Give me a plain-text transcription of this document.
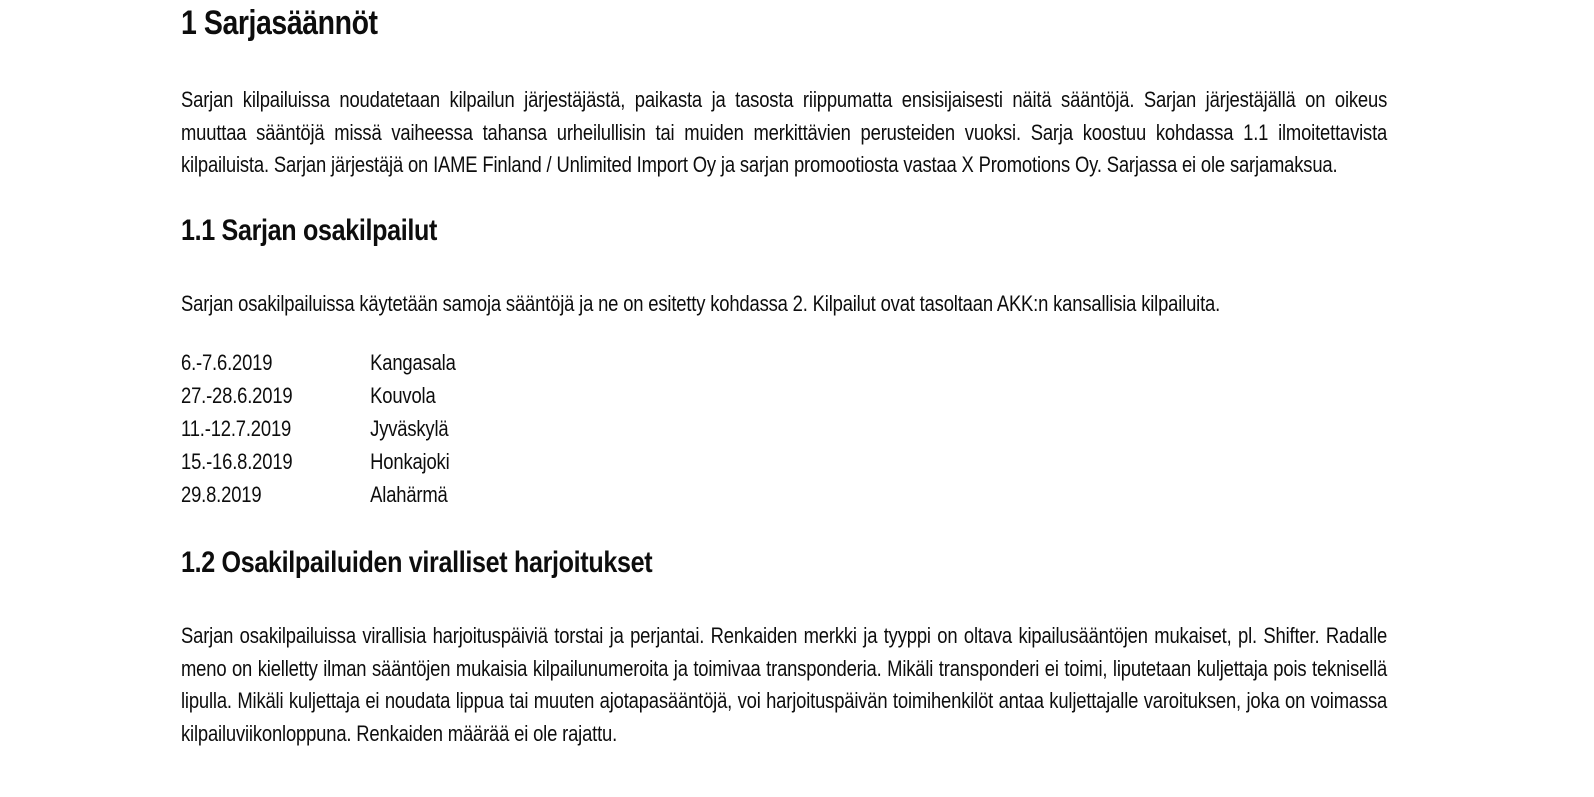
1 Sarjasäännöt

Sarjan kilpailuissa noudatetaan kilpailun järjestäjästä, paikasta ja tasosta riippumatta ensisijaisesti näitä sääntöjä. Sarjan järjestäjällä on oikeus muuttaa sääntöjä missä vaiheessa tahansa urheilullisin tai muiden merkittävien perusteiden vuoksi. Sarja koostuu kohdassa 1.1 ilmoitettavista kilpailuista. Sarjan järjestäjä on IAME Finland / Unlimited Import Oy ja sarjan promootiosta vastaa X Promotions Oy. Sarjassa ei ole sarjamaksua.

1.1 Sarjan osakilpailut

Sarjan osakilpailuissa käytetään samoja sääntöjä ja ne on esitetty kohdassa 2. Kilpailut ovat tasoltaan AKK:n kansallisia kilpailuita.

6.-7.6.2019	Kangasala
27.-28.6.2019	Kouvola
11.-12.7.2019	Jyväskylä
15.-16.8.2019	Honkajoki
29.8.2019	Alahärmä
1.2 Osakilpailuiden viralliset harjoitukset

Sarjan osakilpailuissa virallisia harjoituspäiviä torstai ja perjantai. Renkaiden merkki ja tyyppi on oltava kipailusääntöjen mukaiset, pl. Shifter. Radalle meno on kielletty ilman sääntöjen mukaisia kilpailunumeroita ja toimivaa transponderia. Mikäli transponderi ei toimi, liputetaan kuljettaja pois teknisellä lipulla. Mikäli kuljettaja ei noudata lippua tai muuten ajotapasääntöjä, voi harjoituspäivän toimihenkilöt antaa kuljettajalle varoituksen, joka on voimassa kilpailuviikonloppuna. Renkaiden määrää ei ole rajattu.
